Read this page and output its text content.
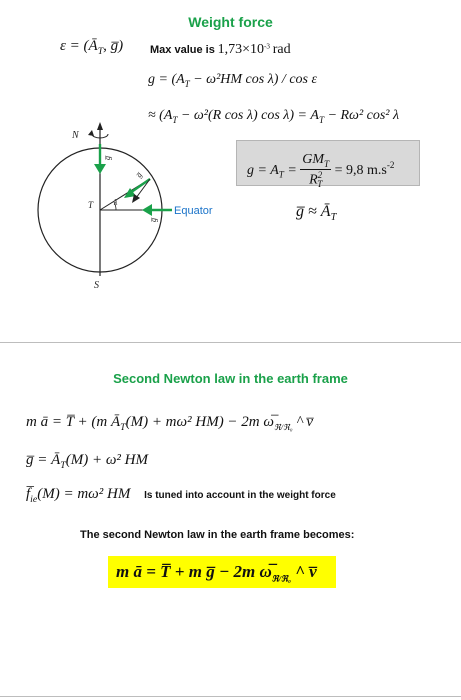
Weight force
$\varepsilon = (Ā_T$, g̅) Max value is $1,73\times 10^{-3}$ rad
$g = (A_T - \omega^2HM$ cos λ) / cos ε
≈ ($A_T - \omega^2(R$ cos λ) $\cos \lambda) = A_T - R\omega^2$ cos² λ
$g = A_T = \frac{GM_T}{R^2_T} = 9,8$ $m.s^{-2}$
g̅ ≈ $Ā_T$
N
S
T	λ
g̅
g̅
g̅
Equator
Second Newton law in the earth frame
m ā = T̅ + (m $Ā_T(M) + m\omega^2$ HM) − 2m $\omega̅_{ℜ/ℜ_0}$ ^ v̅
g̅ = $Ā_T(M) + \omega^2$ HM
$f̅_{ie}(M) = m\omega^2$ HM Is tuned into account in the weight force
The second Newton law in the earth frame becomes:
m ā = T̅ + m g̅ − 2m $\omega̅_{ℜ/ℜ_0}$ ^ v̅
